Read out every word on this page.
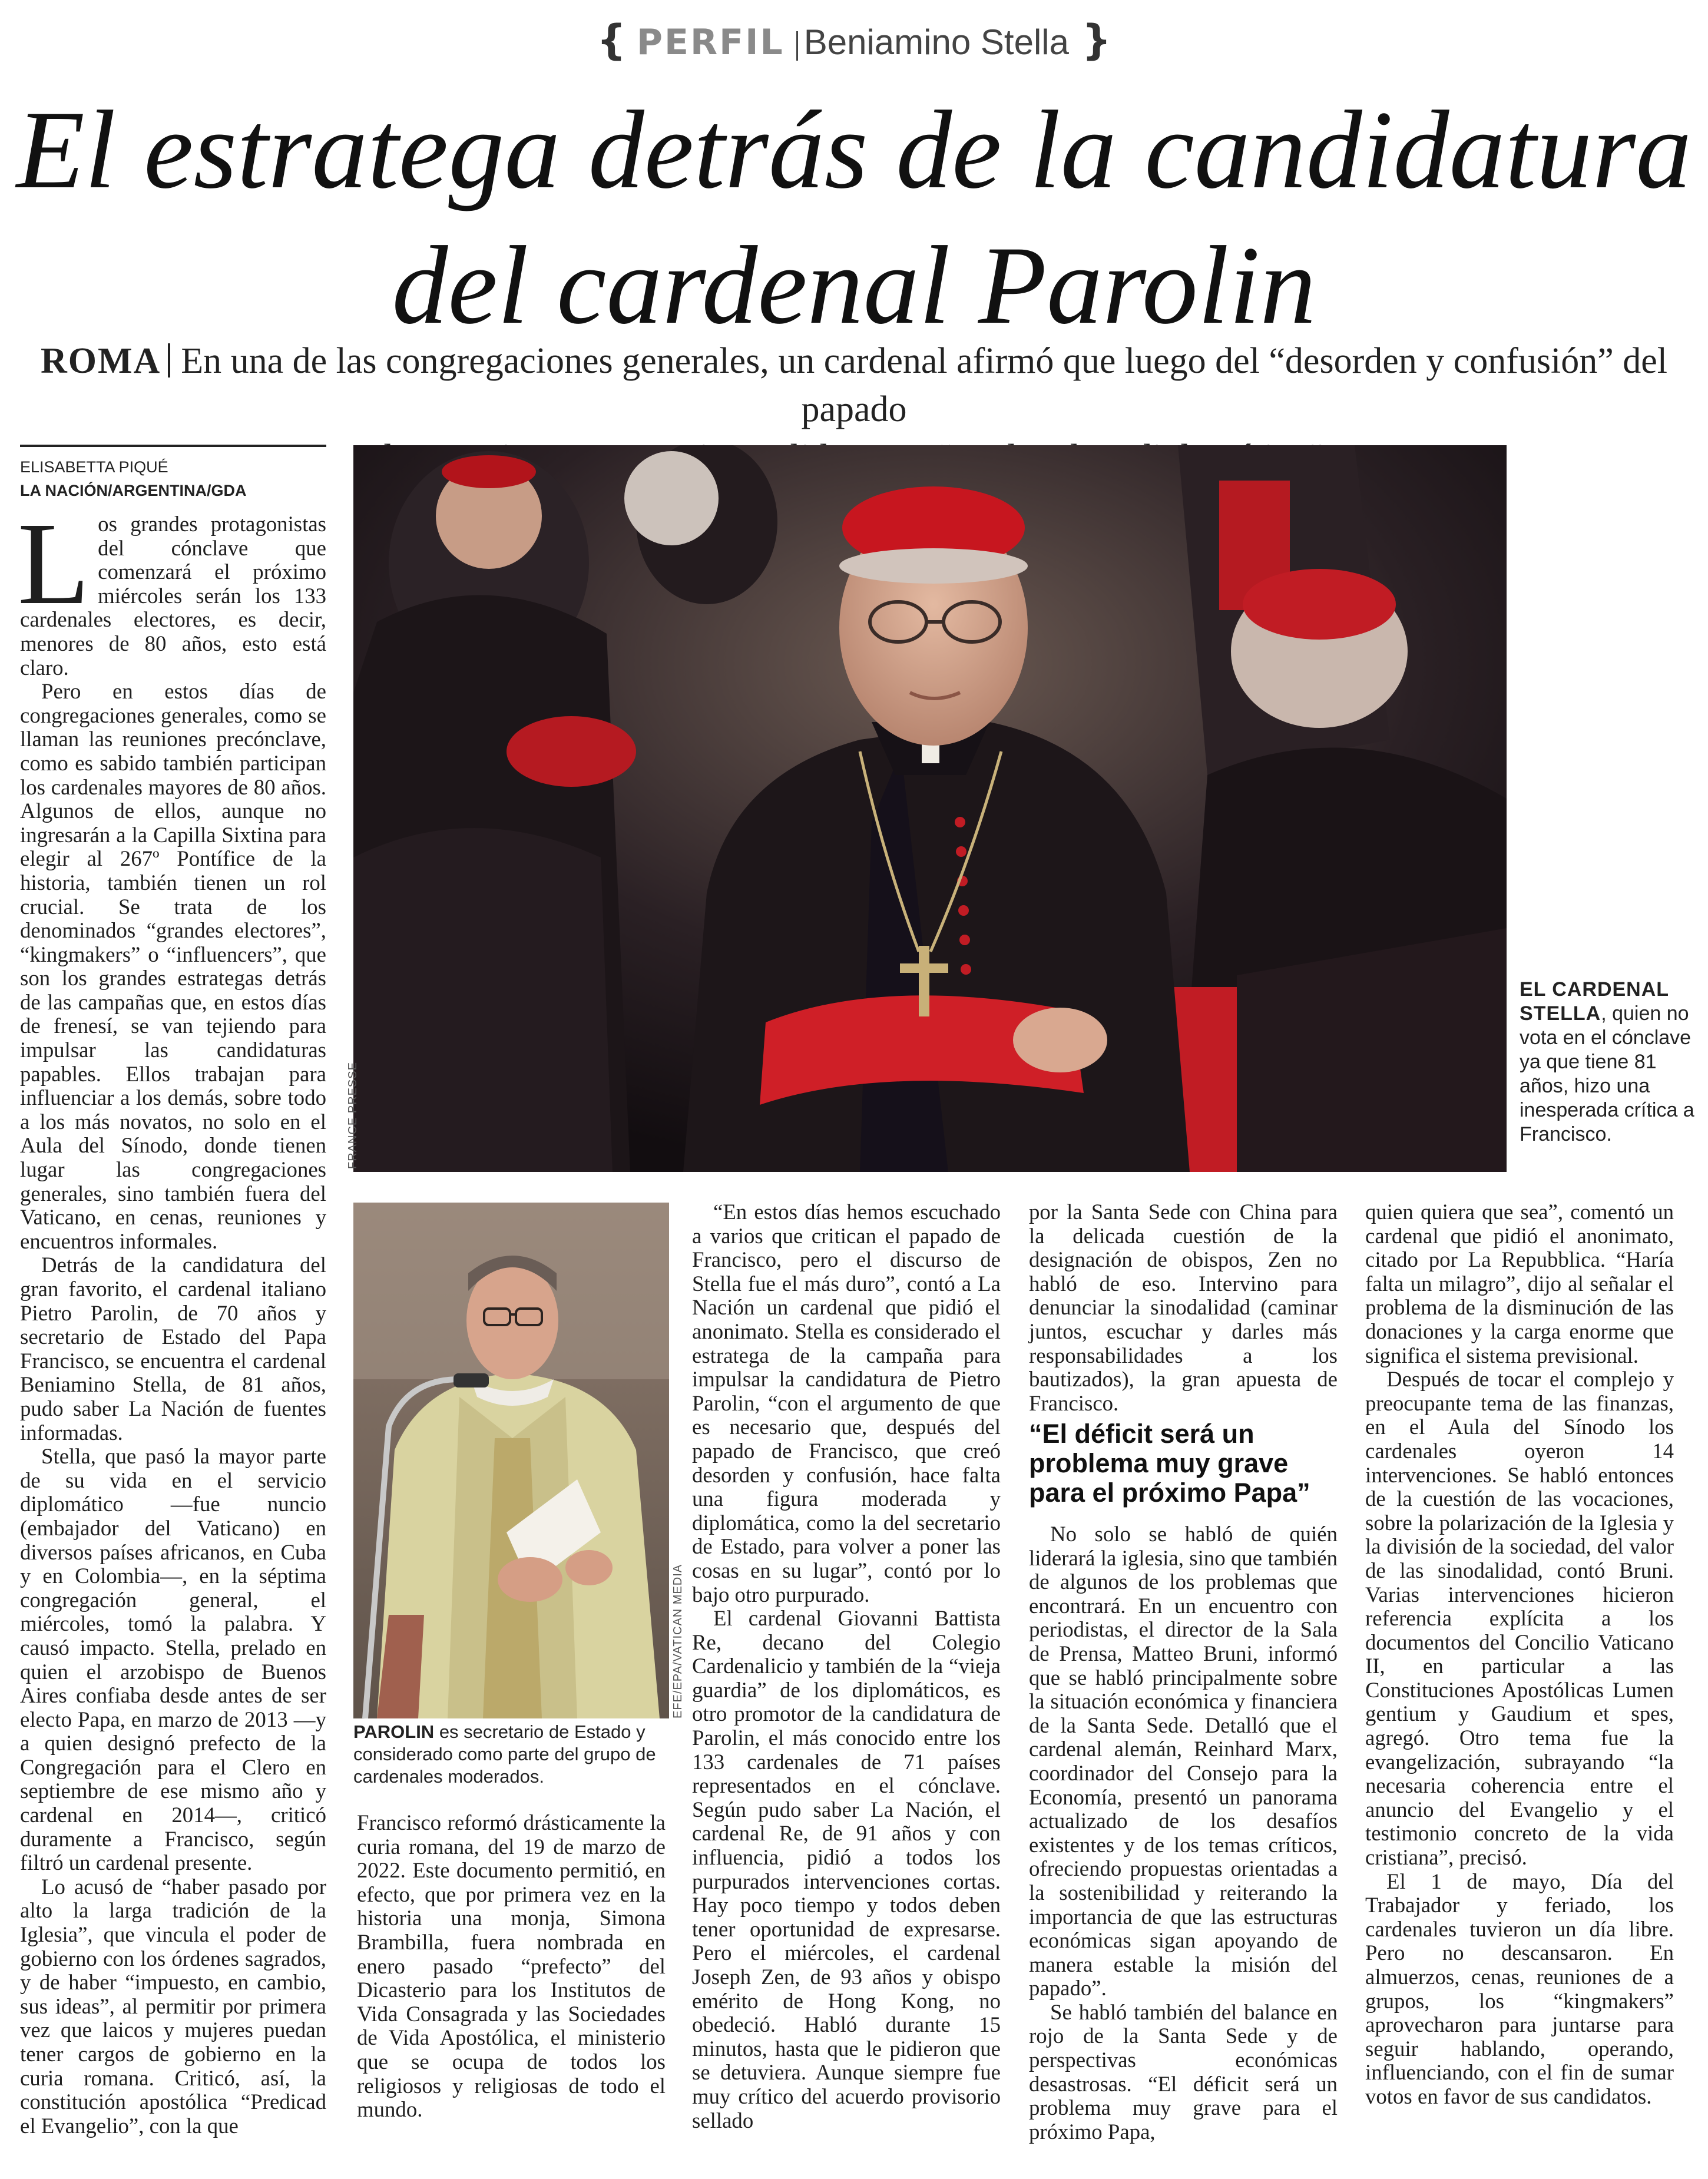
{ PERFIL Beniamino Stella }
El estratega detrás de la candidatura
del cardenal Parolin
ROMA En una de las congregaciones generales, un cardenal afirmó que luego del “desorden y confusión” del papado
ELISABETTA PIQUÉ
LA NACIÓN/ARGENTINA/GDA

Los grandes protagonistas del cónclave que comenzará el próximo miércoles serán los 133 cardenales electores, es decir, menores de 80 años, esto está claro.

Pero en estos días de congregaciones generales, como se llaman las reuniones precónclave, como es sabido también participan los cardenales mayores de 80 años. Algunos de ellos, aunque no ingresarán a la Capilla Sixtina para elegir al 267º Pontífice de la historia, también tienen un rol crucial. Se trata de los denominados “grandes electores”, “kingmakers” o “influencers”, que son los grandes estrategas detrás de las campañas que, en estos días de frenesí, se van tejiendo para impulsar las candidaturas papables. Ellos trabajan para influenciar a los demás, sobre todo a los más novatos, no solo en el Aula del Sínodo, donde tienen lugar las congregaciones generales, sino también fuera del Vaticano, en cenas, reuniones y encuentros informales.

Detrás de la candidatura del gran favorito, el cardenal italiano Pietro Parolin, de 70 años y secretario de Estado del Papa Francisco, se encuentra el cardenal Beniamino Stella, de 81 años, pudo saber La Nación de fuentes informadas.

Stella, que pasó la mayor parte de su vida en el servicio diplomático —fue nuncio (embajador del Vaticano) en diversos países africanos, en Cuba y en Colombia—, en la séptima congregación general, el miércoles, tomó la palabra. Y causó impacto. Stella, prelado en quien el arzobispo de Buenos Aires confiaba desde antes de ser electo Papa, en marzo de 2013 —y a quien designó prefecto de la Congregación para el Clero en septiembre de ese mismo año y cardenal en 2014—, criticó duramente a Francisco, según filtró un cardenal presente.

Lo acusó de “haber pasado por alto la larga tradición de la Iglesia”, que vincula el poder de gobierno con los órdenes sagrados, y de haber “impuesto, en cambio, sus ideas”, al permitir por primera vez que laicos y mujeres puedan tener cargos de gobierno en la curia romana. Criticó, así, la constitución apostólica “Predicad el Evangelio”, con la que

FRANCE PRESSE
EL CARDENAL STELLA, quien no vota en el cónclave ya que tiene 81 años, hizo una inesperada crítica a Francisco.
EFE/EPA/VATICAN MEDIA
PAROLIN es secretario de Estado y considerado como parte del grupo de cardenales moderados.

Francisco reformó drásticamente la curia romana, del 19 de marzo de 2022. Este documento permitió, en efecto, que por primera vez en la historia una monja, Simona Brambilla, fuera nombrada en enero pasado “prefecto” del Dicasterio para los Institutos de Vida Consagrada y las Sociedades de Vida Apostólica, el ministerio que se ocupa de todos los religiosos y religiosas de todo el mundo.

“En estos días hemos escuchado a varios que critican el papado de Francisco, pero el discurso de Stella fue el más duro”, contó a La Nación un cardenal que pidió el anonimato. Stella es considerado el estratega de la campaña para impulsar la candidatura de Pietro Parolin, “con el argumento de que es necesario que, después del papado de Francisco, que creó desorden y confusión, hace falta una figura moderada y diplomática, como la del secretario de Estado, para volver a poner las cosas en su lugar”, contó por lo bajo otro purpurado.

El cardenal Giovanni Battista Re, decano del Colegio Cardenalicio y también de la “vieja guardia” de los diplomáticos, es otro promotor de la candidatura de Parolin, el más conocido entre los 133 cardenales de 71 países representados en el cónclave. Según pudo saber La Nación, el cardenal Re, de 91 años y con influencia, pidió a todos los purpurados intervenciones cortas. Hay poco tiempo y todos deben tener oportunidad de expresarse. Pero el miércoles, el cardenal Joseph Zen, de 93 años y obispo emérito de Hong Kong, no obedeció. Habló durante 15 minutos, hasta que le pidieron que se detuviera. Aunque siempre fue muy crítico del acuerdo provisorio sellado

por la Santa Sede con China para la delicada cuestión de la designación de obispos, Zen no habló de eso. Intervino para denunciar la sinodalidad (caminar juntos, escuchar y darles más responsabilidades a los bautizados), la gran apuesta de Francisco.

“El déficit será un problema muy grave para el próximo Papa”

No solo se habló de quién liderará la iglesia, sino que también de algunos de los problemas que encontrará. En un encuentro con periodistas, el director de la Sala de Prensa, Matteo Bruni, informó que se habló principalmente sobre la situación económica y financiera de la Santa Sede. Detalló que el cardenal alemán, Reinhard Marx, coordinador del Consejo para la Economía, presentó un panorama actualizado de los desafíos existentes y de los temas críticos, ofreciendo propuestas orientadas a la sostenibilidad y reiterando la importancia de que las estructuras económicas sigan apoyando de manera estable la misión del papado”.

Se habló también del balance en rojo de la Santa Sede y de perspectivas económicas desastrosas. “El déficit será un problema muy grave para el próximo Papa,

quien quiera que sea”, comentó un cardenal que pidió el anonimato, citado por La Repubblica. “Haría falta un milagro”, dijo al señalar el problema de la disminución de las donaciones y la carga enorme que significa el sistema previsional.

Después de tocar el complejo y preocupante tema de las finanzas, en el Aula del Sínodo los cardenales oyeron 14 intervenciones. Se habló entonces de la cuestión de las vocaciones, sobre la polarización de la Iglesia y la división de la sociedad, del valor de las sinodalidad, contó Bruni. Varias intervenciones hicieron referencia explícita a los documentos del Concilio Vaticano II, en particular a las Constituciones Apostólicas Lumen gentium y Gaudium et spes, agregó. Otro tema fue la evangelización, subrayando “la necesaria coherencia entre el anuncio del Evangelio y el testimonio concreto de la vida cristiana”, precisó.

El 1 de mayo, Día del Trabajador y feriado, los cardenales tuvieron un día libre. Pero no descansaron. En almuerzos, cenas, reuniones de a grupos, los “kingmakers” aprovecharon para juntarse para seguir hablando, operando, influenciando, con el fin de sumar votos en favor de sus candidatos.
